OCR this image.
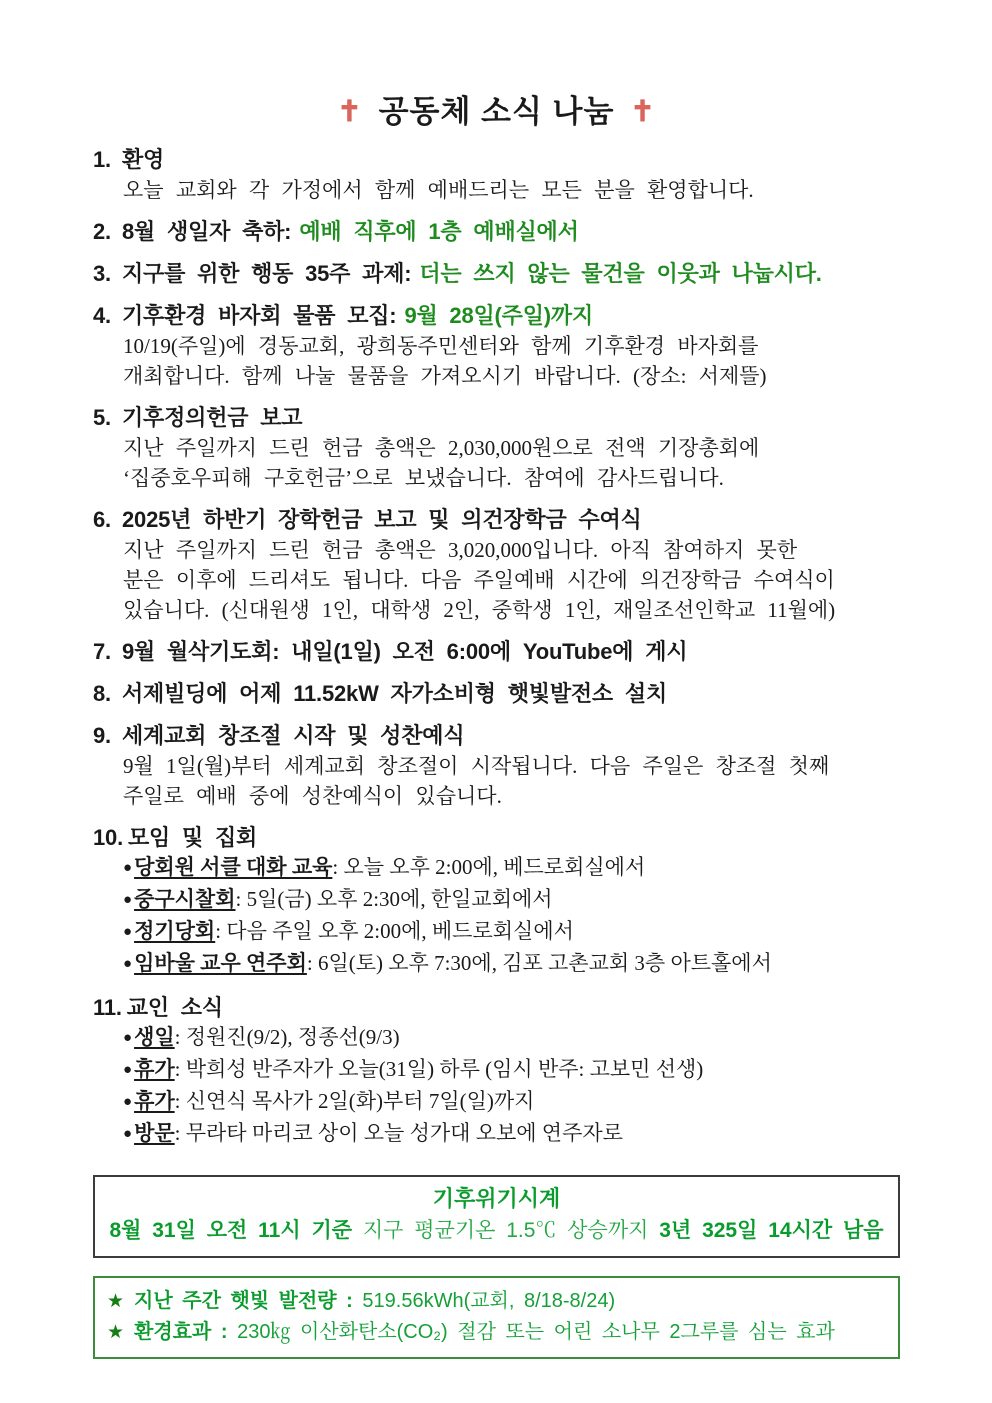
✝ 공동체 소식 나눔 ✝
1. 환영
오늘 교회와 각 가정에서 함께 예배드리는 모든 분을 환영합니다.
2. 8월 생일자 축하: 예배 직후에 1층 예배실에서
3. 지구를 위한 행동 35주 과제: 더는 쓰지 않는 물건을 이웃과 나눕시다.
4. 기후환경 바자회 물품 모집: 9월 28일(주일)까지
10/19(주일)에 경동교회, 광희동주민센터와 함께 기후환경 바자회를
개최합니다. 함께 나눌 물품을 가져오시기 바랍니다. (장소: 서제뜰)
5. 기후정의헌금 보고
지난 주일까지 드린 헌금 총액은 2,030,000원으로 전액 기장총회에
‘집중호우피해 구호헌금’으로 보냈습니다. 참여에 감사드립니다.
6. 2025년 하반기 장학헌금 보고 및 의건장학금 수여식
지난 주일까지 드린 헌금 총액은 3,020,000입니다. 아직 참여하지 못한
분은 이후에 드리셔도 됩니다. 다음 주일예배 시간에 의건장학금 수여식이
있습니다. (신대원생 1인, 대학생 2인, 중학생 1인, 재일조선인학교 11월에)
7. 9월 월삭기도회: 내일(1일) 오전 6:00에 YouTube에 게시
8. 서제빌딩에 어제 11.52kW 자가소비형 햇빛발전소 설치
9. 세계교회 창조절 시작 및 성찬예식
9월 1일(월)부터 세계교회 창조절이 시작됩니다. 다음 주일은 창조절 첫째
주일로 예배 중에 성찬예식이 있습니다.
10. 모임 및 집회
●당회원 서클 대화 교육: 오늘 오후 2:00에, 베드로회실에서
●중구시찰회: 5일(금) 오후 2:30에, 한일교회에서
●정기당회: 다음 주일 오후 2:00에, 베드로회실에서
●임바울 교우 연주회: 6일(토) 오후 7:30에, 김포 고촌교회 3층 아트홀에서
11. 교인 소식
●생일: 정원진(9/2), 정종선(9/3)
●휴가: 박희성 반주자가 오늘(31일) 하루 (임시 반주: 고보민 선생)
●휴가: 신연식 목사가 2일(화)부터 7일(일)까지
●방문: 무라타 마리코 상이 오늘 성가대 오보에 연주자로
기후위기시계
8월 31일 오전 11시 기준 지구 평균기온 1.5℃ 상승까지 3년 325일 14시간 남음
★ 지난 주간 햇빛 발전량 : 519.56kWh(교회, 8/18-8/24)
★ 환경효과 : 230㎏ 이산화탄소(CO₂) 절감 또는 어린 소나무 2그루를 심는 효과
